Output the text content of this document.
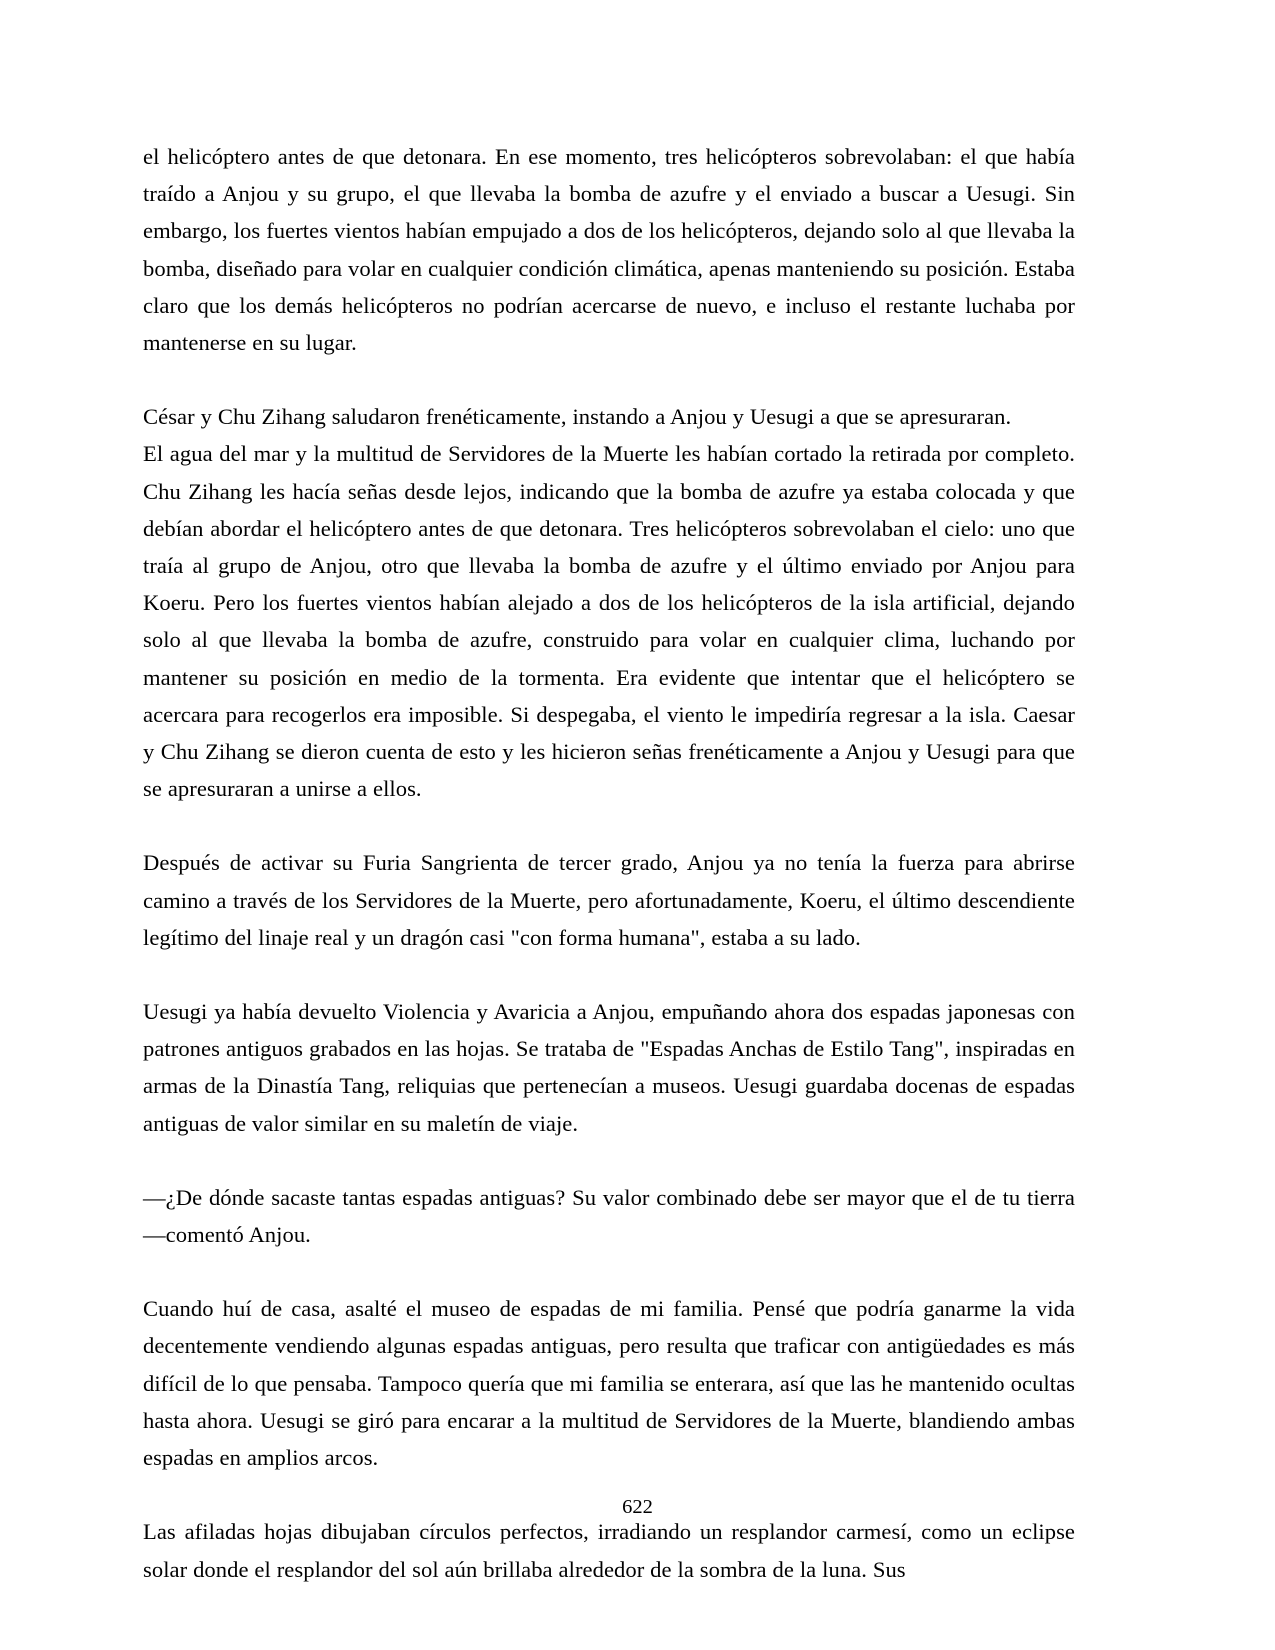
el helicóptero antes de que detonara. En ese momento, tres helicópteros sobrevolaban: el que había traído a Anjou y su grupo, el que llevaba la bomba de azufre y el enviado a buscar a Uesugi. Sin embargo, los fuertes vientos habían empujado a dos de los helicópteros, dejando solo al que llevaba la bomba, diseñado para volar en cualquier condición climática, apenas manteniendo su posición. Estaba claro que los demás helicópteros no podrían acercarse de nuevo, e incluso el restante luchaba por mantenerse en su lugar.

César y Chu Zihang saludaron frenéticamente, instando a Anjou y Uesugi a que se apresuraran.

El agua del mar y la multitud de Servidores de la Muerte les habían cortado la retirada por completo. Chu Zihang les hacía señas desde lejos, indicando que la bomba de azufre ya estaba colocada y que debían abordar el helicóptero antes de que detonara. Tres helicópteros sobrevolaban el cielo: uno que traía al grupo de Anjou, otro que llevaba la bomba de azufre y el último enviado por Anjou para Koeru. Pero los fuertes vientos habían alejado a dos de los helicópteros de la isla artificial, dejando solo al que llevaba la bomba de azufre, construido para volar en cualquier clima, luchando por mantener su posición en medio de la tormenta. Era evidente que intentar que el helicóptero se acercara para recogerlos era imposible. Si despegaba, el viento le impediría regresar a la isla. Caesar y Chu Zihang se dieron cuenta de esto y les hicieron señas frenéticamente a Anjou y Uesugi para que se apresuraran a unirse a ellos.

Después de activar su Furia Sangrienta de tercer grado, Anjou ya no tenía la fuerza para abrirse camino a través de los Servidores de la Muerte, pero afortunadamente, Koeru, el último descendiente legítimo del linaje real y un dragón casi "con forma humana", estaba a su lado.

Uesugi ya había devuelto Violencia y Avaricia a Anjou, empuñando ahora dos espadas japonesas con patrones antiguos grabados en las hojas. Se trataba de "Espadas Anchas de Estilo Tang", inspiradas en armas de la Dinastía Tang, reliquias que pertenecían a museos. Uesugi guardaba docenas de espadas antiguas de valor similar en su maletín de viaje.

—¿De dónde sacaste tantas espadas antiguas? Su valor combinado debe ser mayor que el de tu tierra —comentó Anjou.

Cuando huí de casa, asalté el museo de espadas de mi familia. Pensé que podría ganarme la vida decentemente vendiendo algunas espadas antiguas, pero resulta que traficar con antigüedades es más difícil de lo que pensaba. Tampoco quería que mi familia se enterara, así que las he mantenido ocultas hasta ahora. Uesugi se giró para encarar a la multitud de Servidores de la Muerte, blandiendo ambas espadas en amplios arcos.

Las afiladas hojas dibujaban círculos perfectos, irradiando un resplandor carmesí, como un eclipse solar donde el resplandor del sol aún brillaba alrededor de la sombra de la luna. Sus

622
